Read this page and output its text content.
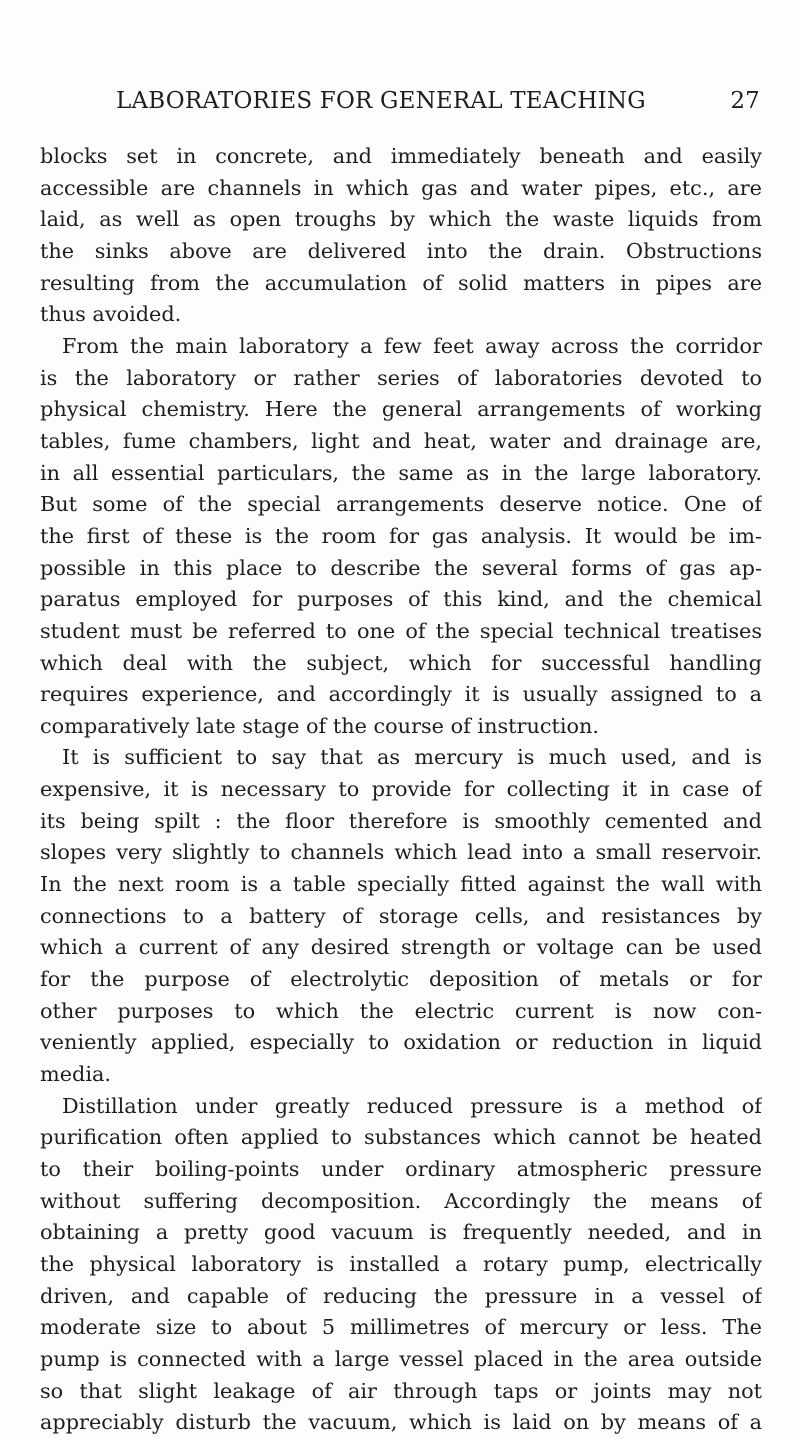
LABORATORIES FOR GENERAL TEACHING	27

blocks set in concrete, and immediately beneath and easily
accessible are channels in which gas and water pipes, etc., are
laid, as well as open troughs by which the waste liquids from
the sinks above are delivered into the drain. Obstructions
resulting from the accumulation of solid matters in pipes are
thus avoided.

From the main laboratory a few feet away across the corridor
is the laboratory or rather series of laboratories devoted to
physical chemistry. Here the general arrangements of working
tables, fume chambers, light and heat, water and drainage are,
in all essential particulars, the same as in the large laboratory.
But some of the special arrangements deserve notice. One of
the first of these is the room for gas analysis. It would be im-
possible in this place to describe the several forms of gas ap-
paratus employed for purposes of this kind, and the chemical
student must be referred to one of the special technical treatises
which deal with the subject, which for successful handling
requires experience, and accordingly it is usually assigned to a
comparatively late stage of the course of instruction.

It is sufficient to say that as mercury is much used, and is
expensive, it is necessary to provide for collecting it in case of
its being spilt : the floor therefore is smoothly cemented and
slopes very slightly to channels which lead into a small reservoir.
In the next room is a table specially fitted against the wall with
connections to a battery of storage cells, and resistances by
which a current of any desired strength or voltage can be used
for the purpose of electrolytic deposition of metals or for
other purposes to which the electric current is now con-
veniently applied, especially to oxidation or reduction in liquid
media.

Distillation under greatly reduced pressure is a method of
purification often applied to substances which cannot be heated
to their boiling-points under ordinary atmospheric pressure
without suffering decomposition. Accordingly the means of
obtaining a pretty good vacuum is frequently needed, and in
the physical laboratory is installed a rotary pump, electrically
driven, and capable of reducing the pressure in a vessel of
moderate size to about 5 millimetres of mercury or less. The
pump is connected with a large vessel placed in the area outside
so that slight leakage of air through taps or joints may not
appreciably disturb the vacuum, which is laid on by means of a
